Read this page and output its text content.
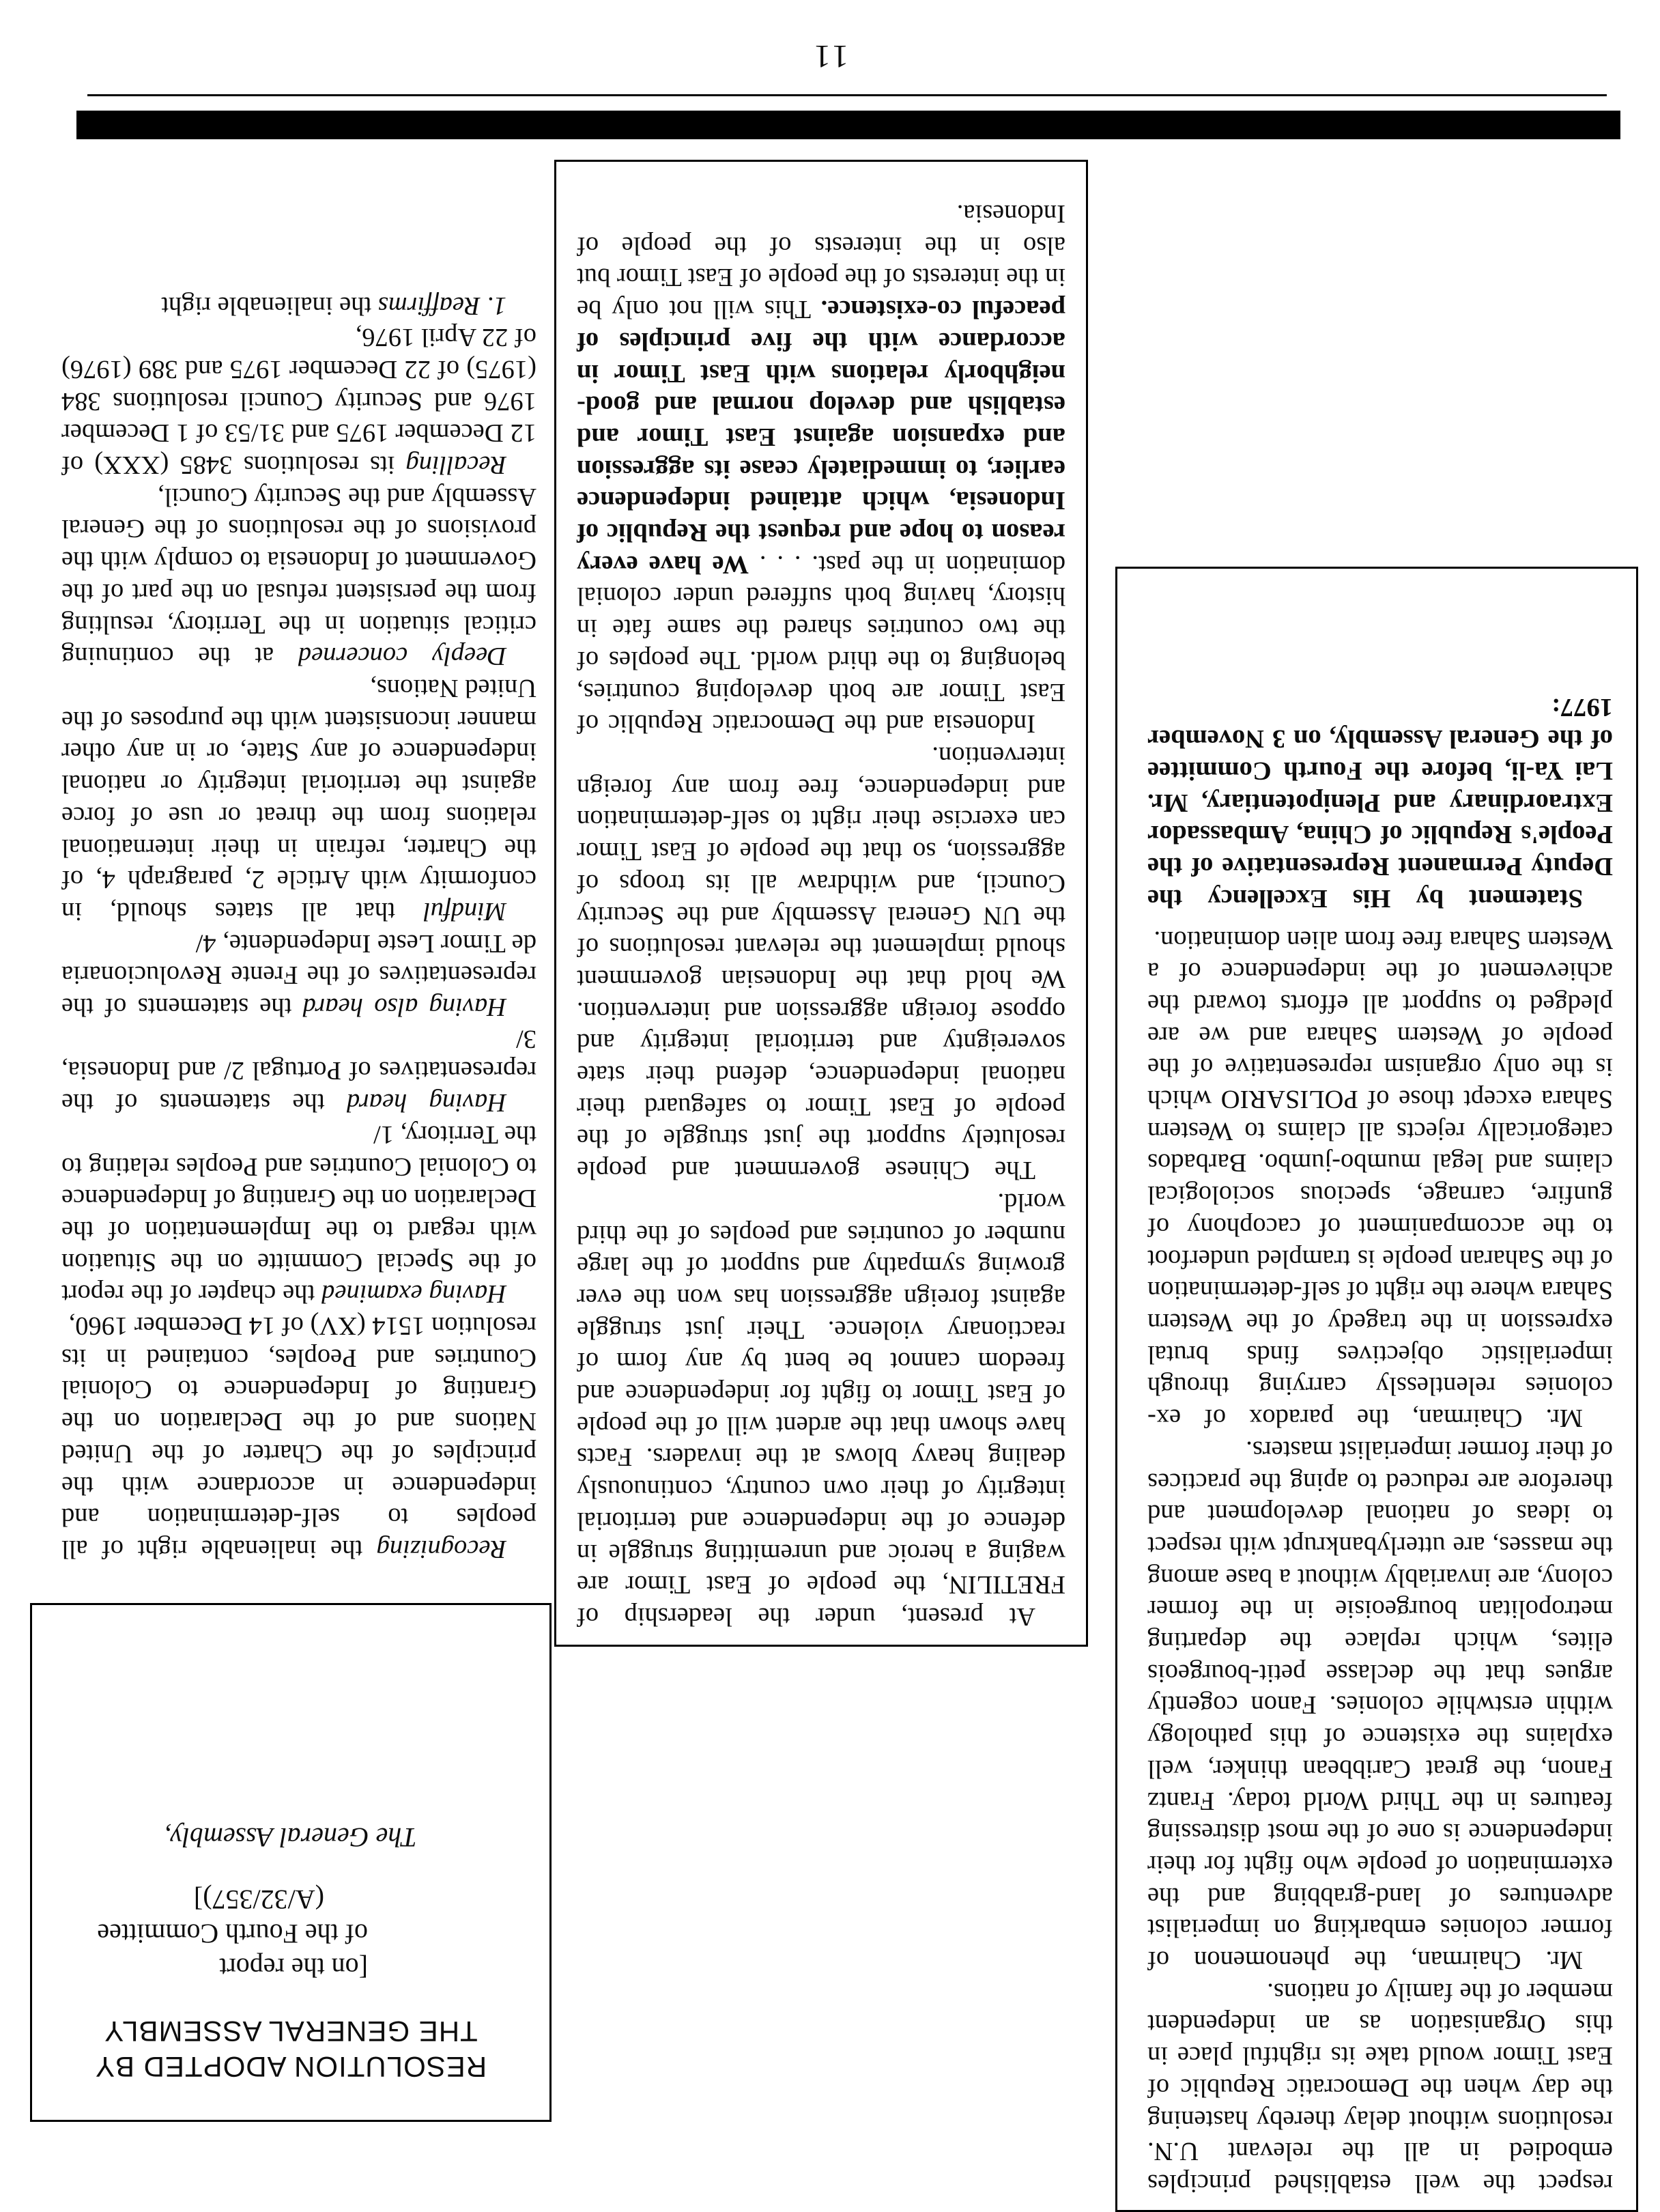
11

respect the well established principles embodied in all the relevant U.N. resolutions without delay thereby hastening the day when the Democratic Republic of East Timor would take its rightful place in this Organisation as an independent member of the family of nations.

Mr. Chairman, the phenomenon of former colonies embarking on imperialist adventures of land-grabbing and the extermination of people who fight for their independence is one of the most distressing features in the Third World today. Frantz Fanon, the great Caribbean thinker, well explains the existence of this pathology within erstwhile colonies. Fanon cogently argues that the declasse petit-bourgeois elites, which replace the departing metropolitan bourgeoisie in the former colony, are invariably without a base among the masses, are utterlybankrupt with respect to ideas of national development and therefore are reduced to aping the practices of their former imperialist masters.

Mr. Chairman, the paradox of ex-colonies relentlessly carrying through imperialistic objectives finds brutal expression in the tragedy of the Western Sahara where the right of self-determination of the Saharan people is trampled underfoot to the accompaniment of cacophony of gunfire, carnage, specious sociological claims and legal mumbo-jumbo. Barbados categorically rejects all claims to Western Sahara except those of POLISARIO which is the only organism representative of the people of Western Sahara and we are pledged to support all efforts toward the achievement of the independence of a Western Sahara free from alien domination.

Statement by His Excellency the Deputy Permanent Representative of the People's Republic of China, Ambassador Extraordinary and Plenipotentiary, Mr. Lai Ya-li, before the Fourth Committee of the General Assembly, on 3 November 1977:

At present, under the leadership of FRETILIN, the people of East Timor are waging a heroic and unremitting struggle in defence of the independence and territorial integrity of their own country, continuously dealing heavy blows at the invaders. Facts have shown that the ardent will of the people of East Timor to fight for independence and freedom cannot be bent by any form of reactionary violence. Their just struggle against foreign aggression has won the ever growing sympathy and support of the large number of countries and peoples of the third world.

The Chinese government and people resolutely support the just struggle of the people of East Timor to safeguard their national independence, defend their state sovereignty and territorial integrity and oppose foreign aggression and intervention. We hold that the Indonesian government should implement the relevant resolutions of the UN General Assembly and the Security Council, and withdraw all its troops of aggression, so that the people of East Timor can exercise their right to self-determination and independence, free from any foreign intervention.

Indonesia and the Democratic Republic of East Timor are both developing countries, belonging to the third world. The peoples of the two countries shared the same fate in history, having both suffered under colonial domination in the past. . . . We have every reason to hope and request the Republic of Indonesia, which attained independence earlier, to immediately cease its aggression and expansion against East Timor and establish and develop normal and good-neighborly relations with East Timor in accordance with the five principles of peaceful co-existence. This will not only be in the interests of the people of East Timor but also in the interests of the people of Indonesia.

Recognizing the inalienable right of all peoples to self-determination and independence in accordance with the principles of the Charter of the United Nations and of the Declaration on the Granting of Independence to Colonial Countries and Peoples, contained in its resolution 1514 (XV) of 14 December 1960,

Having examined the chapter of the report of the Special Committe on the Situation with regard to the Implementation of the Declaration on the Granting of Independence to Colonial Countries and Peoples relating to the Territory, 1/

Having heard the statements of the representatives of Portugal 2/ and Indonesia, 3/

Having also heard the statements of the representatives of the Frente Revolucionaria de Timor Leste Independente, 4/

Mindful that all states should, in conformity with Article 2, paragraph 4, of the Charter, refrain in their international relations from the threat or use of force against the territorial integrity or national independence of any State, or in any other manner inconsistent with the purposes of the United Nations,

Deeply concerned at the continuing critical situation in the Territory, resulting from the persistent refusal on the part of the Government of Indonesia to comply with the provisions of the resolutions of the General Assembly and the Security Council,

Recalling its resolutions 3485 (XXX) of 12 December 1975 and 31/53 of 1 December 1976 and Security Council resolutions 384 (1975) of 22 December 1975 and 389 (1976) of 22 April 1976,

1. Reaffirms the inalienable right

RESOLUTION ADOPTED BY
THE GENERAL ASSEMBLY
[on the report
of the Fourth Committee
(A/32/357)]
The General Assembly,
